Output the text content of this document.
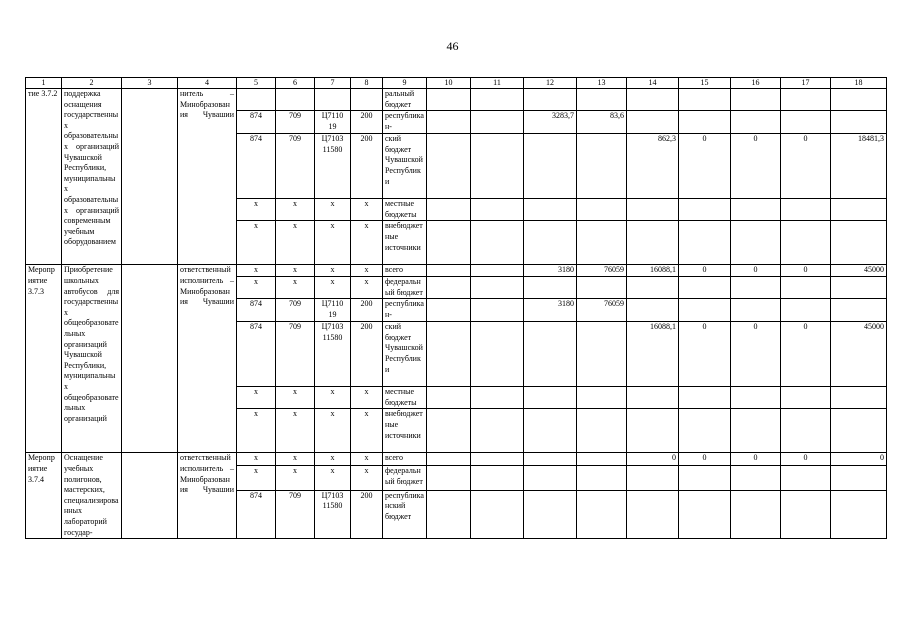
46
1	2	3	4	5	6	7	8	9	10	11	12	13	14	15	16	17	18
тие 3.7.2	поддержка оснащения государственных образовательных организаций Чувашской Республики, муниципальных образовательных организаций современным учебным оборудованием		нитель – Минобразования Чувашии					ральный бюджет									
				874	709	Ц7110 19	200	республикан-			3283,7	83,6					
				874	709	Ц7103 11580	200	ский бюджет Чувашской Республики					862,3	0	0	0	18481,3
				x	x	x	x	местные бюджеты									
				x	x	x	x	внебюджетные источники									
Мероприятие 3.7.3	Приобретение школьных автобусов для государственных общеобразовательных организаций Чувашской Республики, муниципальных общеобразовательных организаций		ответственный исполнитель – Минобразования Чувашии	x	x	x	x	всего			3180	76059	16088,1	0	0	0	45000
				x	x	x	x	федеральный бюджет									
				874	709	Ц7110 19	200	республикан-			3180	76059					
				874	709	Ц7103 11580	200	ский бюджет Чувашской Республики					16088,1	0	0	0	45000
				x	x	x	x	местные бюджеты									
				x	x	x	x	внебюджетные источники									
Мероприятие 3.7.4	Оснащение учебных полигонов, мастерских, специализированных лабораторий государ-		ответственный исполнитель – Минобразования Чувашии	x	x	x	x	всего					0	0	0	0	0
				x	x	x	x	федеральный бюджет									
				874	709	Ц7103 11580	200	республиканский бюджет									
